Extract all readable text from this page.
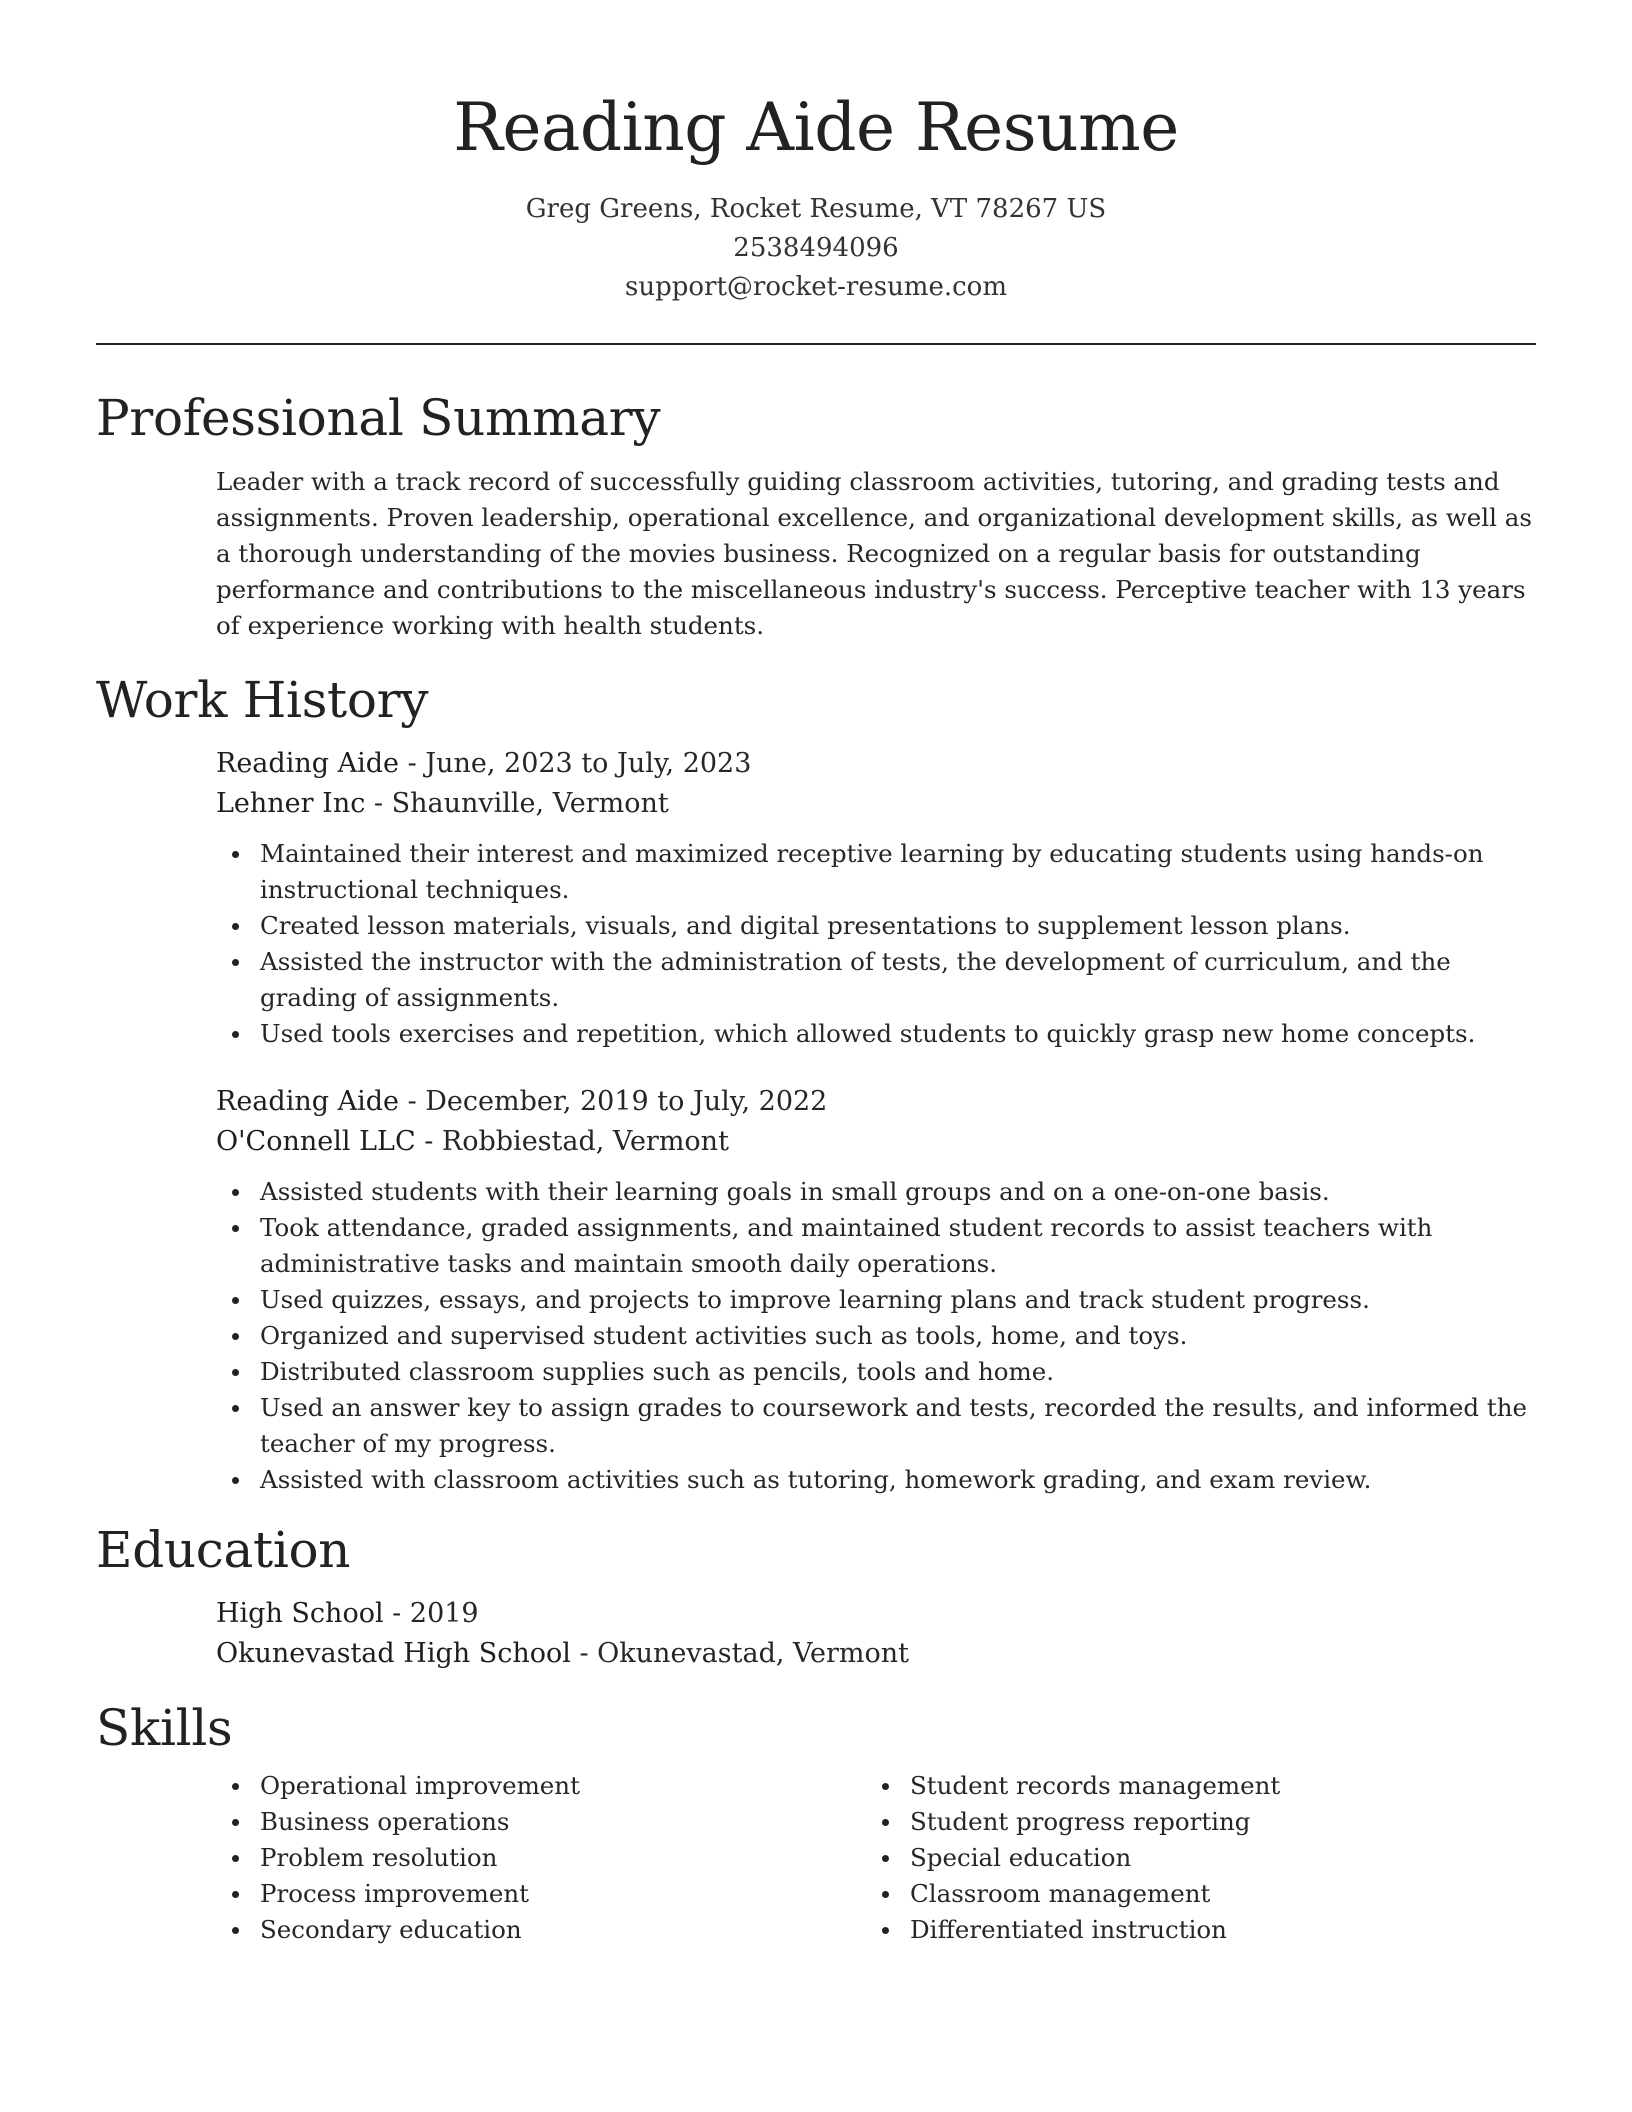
Reading Aide Resume
Greg Greens, Rocket Resume, VT 78267 US
2538494096
support@rocket-resume.com
Professional Summary

Leader with a track record of successfully guiding classroom activities, tutoring, and grading tests and assignments. Proven leadership, operational excellence, and organizational development skills, as well as a thorough understanding of the movies business. Recognized on a regular basis for outstanding performance and contributions to the miscellaneous industry's success. Perceptive teacher with 13 years of experience working with health students.

Work History
Reading Aide - June, 2023 to July, 2023
Lehner Inc - Shaunville, Vermont
Maintained their interest and maximized receptive learning by educating students using hands-on instructional techniques.
Created lesson materials, visuals, and digital presentations to supplement lesson plans.
Assisted the instructor with the administration of tests, the development of curriculum, and the grading of assignments.
Used tools exercises and repetition, which allowed students to quickly grasp new home concepts.
Reading Aide - December, 2019 to July, 2022
O'Connell LLC - Robbiestad, Vermont
Assisted students with their learning goals in small groups and on a one-on-one basis.
Took attendance, graded assignments, and maintained student records to assist teachers with administrative tasks and maintain smooth daily operations.
Used quizzes, essays, and projects to improve learning plans and track student progress.
Organized and supervised student activities such as tools, home, and toys.
Distributed classroom supplies such as pencils, tools and home.
Used an answer key to assign grades to coursework and tests, recorded the results, and informed the teacher of my progress.
Assisted with classroom activities such as tutoring, homework grading, and exam review.
Education
High School - 2019
Okunevastad High School - Okunevastad, Vermont
Skills
Operational improvement
Business operations
Problem resolution
Process improvement
Secondary education
Student records management
Student progress reporting
Special education
Classroom management
Differentiated instruction
